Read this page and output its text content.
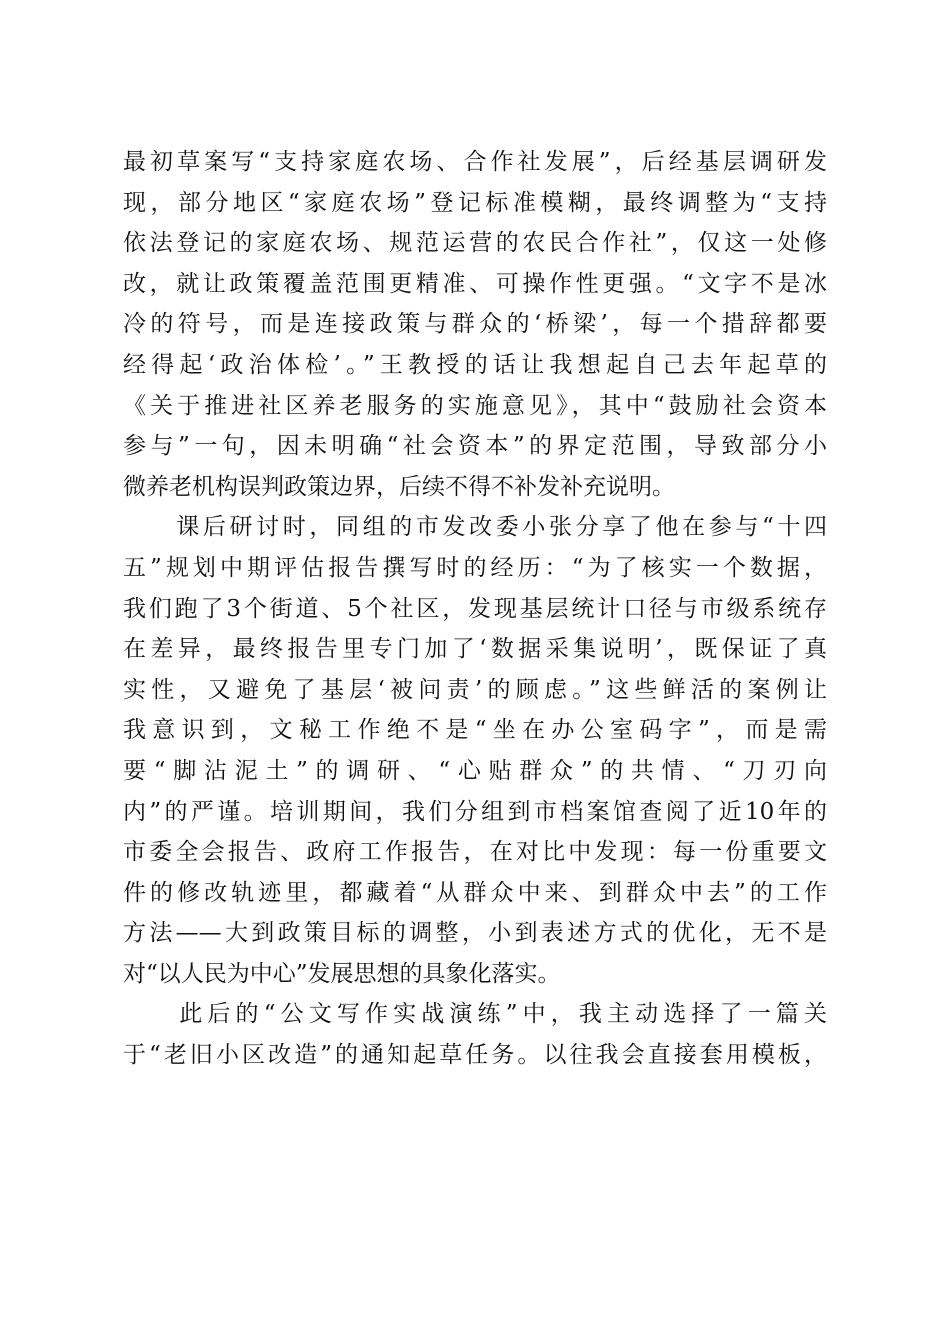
最初草案写“支持家庭农场、合作社发展”，后经基层调研发
现，部分地区“家庭农场”登记标准模糊，最终调整为“支持
依法登记的家庭农场、规范运营的农民合作社”，仅这一处修
改，就让政策覆盖范围更精准、可操作性更强。“文字不是冰
冷的符号，而是连接政策与群众的‘桥梁’，每一个措辞都要
经得起‘政治体检’。”王教授的话让我想起自己去年起草的
《关于推进社区养老服务的实施意见》，其中“鼓励社会资本
参与”一句，因未明确“社会资本”的界定范围，导致部分小
微养老机构误判政策边界，后续不得不补发补充说明。
　　课后研讨时，同组的市发改委小张分享了他在参与“十四
五”规划中期评估报告撰写时的经历：“为了核实一个数据，
我们跑了3个街道、5个社区，发现基层统计口径与市级系统存
在差异，最终报告里专门加了‘数据采集说明’，既保证了真
实性，又避免了基层‘被问责’的顾虑。”这些鲜活的案例让
我意识到，文秘工作绝不是“坐在办公室码字”，而是需
要“脚沾泥土”的调研、“心贴群众”的共情、“刀刃向
内”的严谨。培训期间，我们分组到市档案馆查阅了近10年的
市委全会报告、政府工作报告，在对比中发现：每一份重要文
件的修改轨迹里，都藏着“从群众中来、到群众中去”的工作
方法——大到政策目标的调整，小到表述方式的优化，无不是
对“以人民为中心”发展思想的具象化落实。
　　此后的“公文写作实战演练”中，我主动选择了一篇关
于“老旧小区改造”的通知起草任务。以往我会直接套用模板，
